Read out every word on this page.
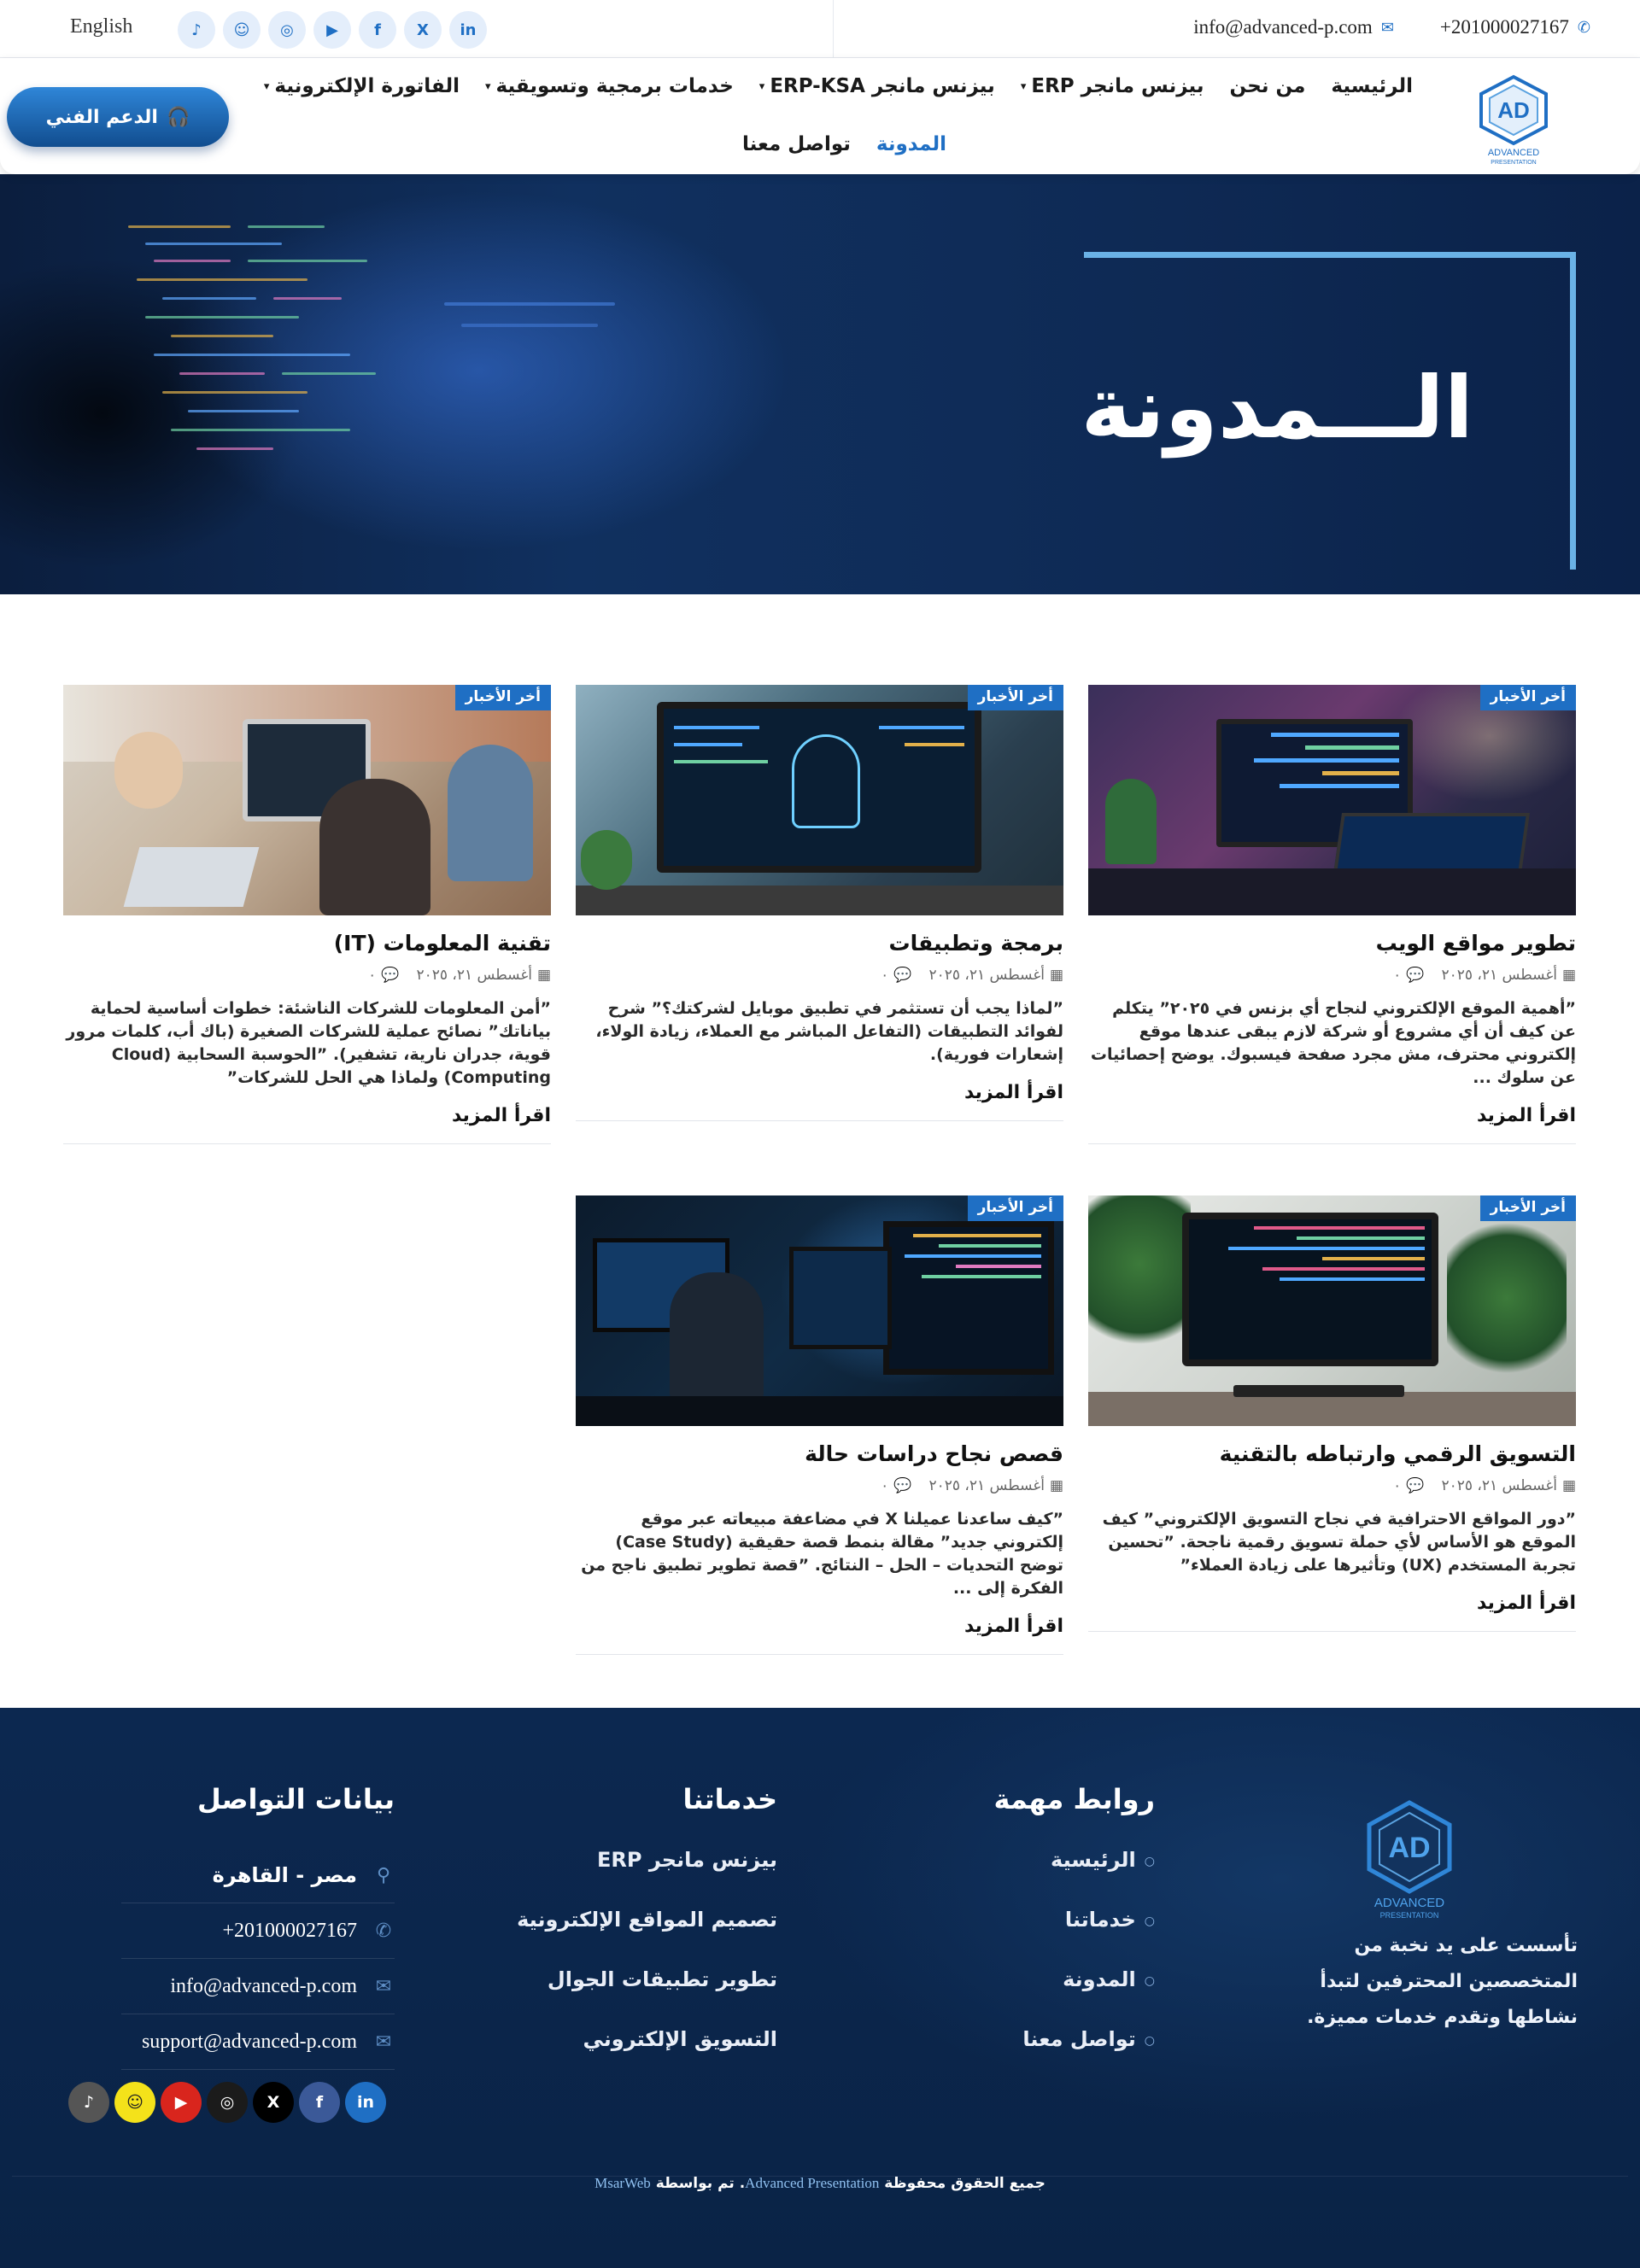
English	♪	☺	◎	▶	f	X	in	info@advanced-p.com ✉ +201000027167 ✆
AD
ADVANCED
PRESENTATION
الرئيسية
من نحن
بيزنس مانجر ERP
▾
بيزنس مانجر ERP-KSA
▾
خدمات برمجية وتسويقية
▾
الفاتورة الإلكترونية
▾
المدونة
تواصل معنا
الدعم الفني 🎧
الـــمدونة
أخر الأخبار
تطوير مواقع الويب
▦
أغسطس ٢١، ٢٠٢٥
💬
٠
”أهمية الموقع الإلكتروني لنجاح أي بزنس في ٢٠٢٥” يتكلم عن كيف أن أي مشروع أو شركة لازم يبقى عندها موقع إلكتروني محترف، مش مجرد صفحة فيسبوك. يوضح إحصائيات عن سلوك ...
اقرأ المزيد
أخر الأخبار
برمجة وتطبيقات
▦
أغسطس ٢١، ٢٠٢٥
💬
٠
”لماذا يجب أن تستثمر في تطبيق موبايل لشركتك؟” شرح لفوائد التطبيقات (التفاعل المباشر مع العملاء، زيادة الولاء، إشعارات فورية).
اقرأ المزيد
أخر الأخبار
تقنية المعلومات (IT)
▦
أغسطس ٢١، ٢٠٢٥
💬
٠
”أمن المعلومات للشركات الناشئة: خطوات أساسية لحماية بياناتك” نصائح عملية للشركات الصغيرة (باك أب، كلمات مرور قوية، جدران نارية، تشفير). ”الحوسبة السحابية (Cloud Computing) ولماذا هي الحل للشركات”
اقرأ المزيد
أخر الأخبار
التسويق الرقمي وارتباطه بالتقنية
▦
أغسطس ٢١، ٢٠٢٥
💬
٠
”دور المواقع الاحترافية في نجاح التسويق الإلكتروني” كيف الموقع هو الأساس لأي حملة تسويق رقمية ناجحة. ”تحسين تجربة المستخدم (UX) وتأثيرها على زيادة العملاء”
اقرأ المزيد
أخر الأخبار
قصص نجاح دراسات حالة
▦
أغسطس ٢١، ٢٠٢٥
💬
٠
”كيف ساعدنا عميلنا X في مضاعفة مبيعاته عبر موقع إلكتروني جديد” مقالة بنمط قصة حقيقية (Case Study) توضح التحديات – الحل – النتائج. ”قصة تطوير تطبيق ناجح من الفكرة إلى ...
اقرأ المزيد
AD
ADVANCED
PRESENTATION
تأسست على يد نخبة من المتخصصين المحترفين لتبدأ نشاطها وتقدم خدمات مميزة.
روابط مهمة
○
الرئيسية
○
خدماتنا
○
المدونة
○
تواصل معنا
خدماتنا
بيزنس مانجر ERP
تصميم المواقع الإلكترونية
تطوير تطبيقات الجوال
التسويق الإلكتروني
بيانات التواصل
⚲
مصر - القاهرة
✆
+201000027167
✉
info@advanced-p.com
✉
support@advanced-p.com
♪	☺	▶	◎	X	f	in
جميع الحقوق محفوظة Advanced Presentation. تم بواسطة MsarWeb
